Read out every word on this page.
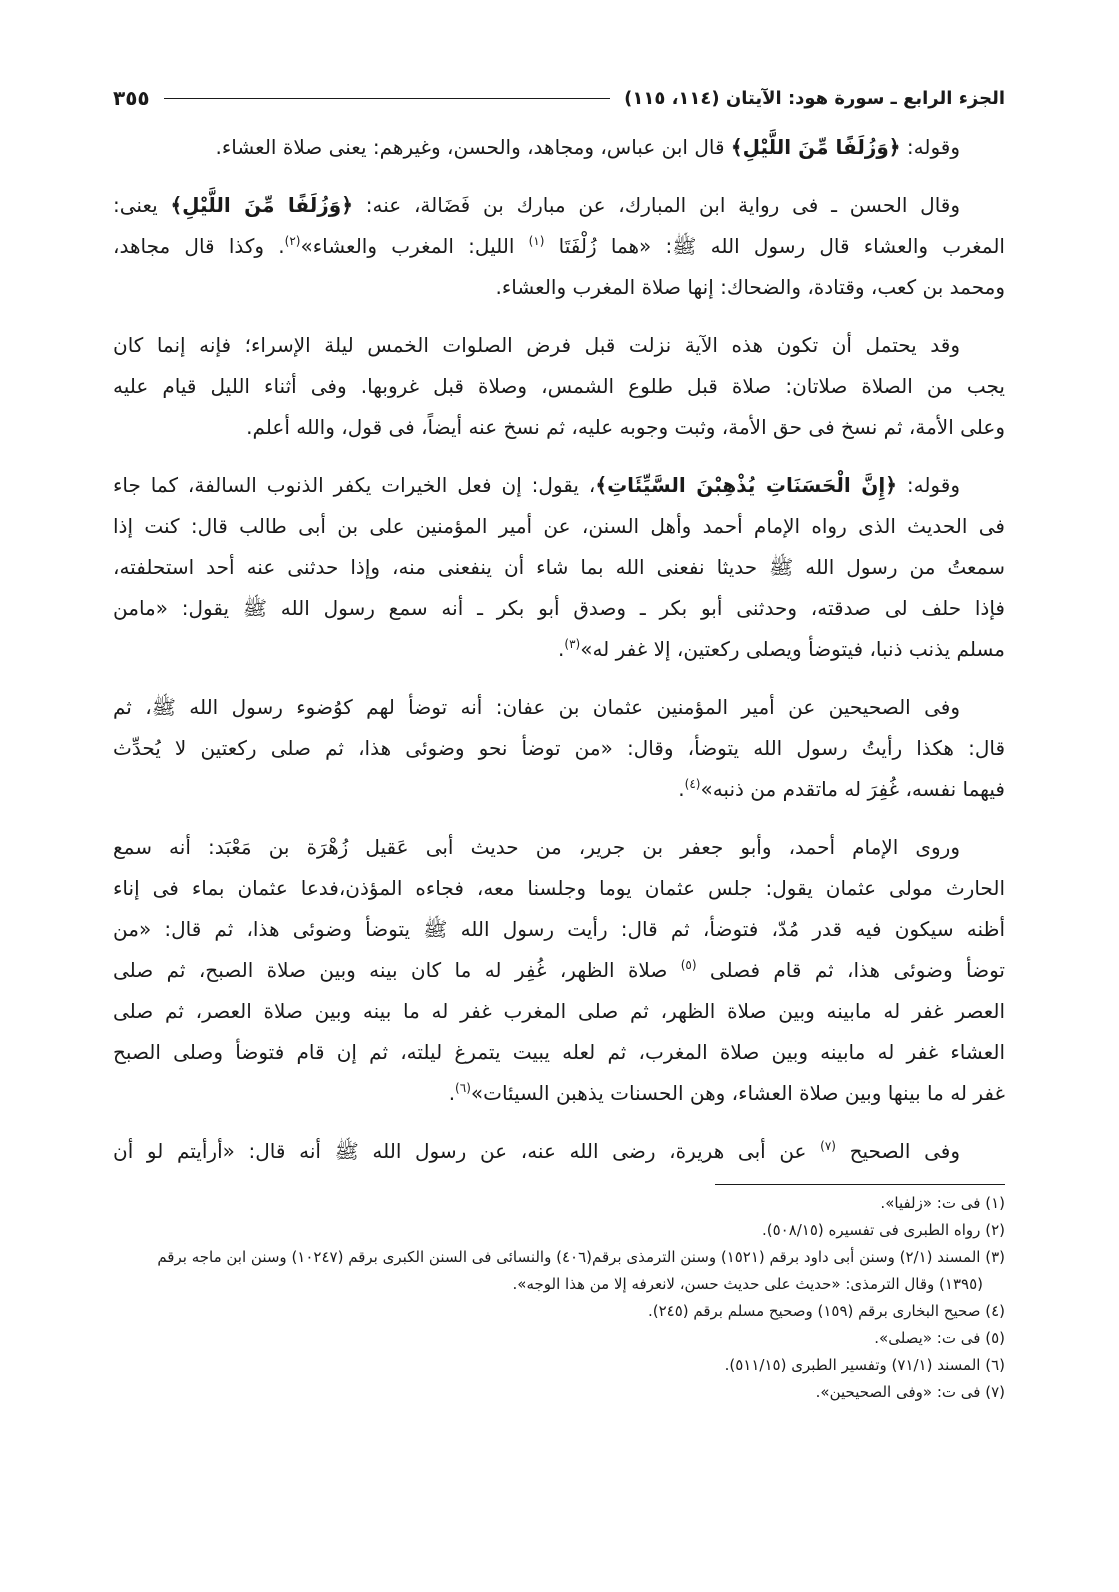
الجزء الرابع ـ سورة هود: الآيتان (١١٤، ١١٥)
٣٥٥
وقوله: ﴿وَزُلَفًا مِّنَ اللَّيْلِ﴾ قال ابن عباس، ومجاهد، والحسن، وغيرهم: يعنى صلاة العشاء.
وقال الحسن ـ فى رواية ابن المبارك، عن مبارك بن فَضَالة، عنه: ﴿وَزُلَفًا مِّنَ اللَّيْلِ﴾ يعنى:
المغرب والعشاء قال رسول الله ﷺ: «هما زُلْفَتَا $^{(١)}$ الليل: المغرب والعشاء»$^{(٢)}$. وكذا قال مجاهد،
ومحمد بن كعب، وقتادة، والضحاك: إنها صلاة المغرب والعشاء.
وقد يحتمل أن تكون هذه الآية نزلت قبل فرض الصلوات الخمس ليلة الإسراء؛ فإنه إنما كان
يجب من الصلاة صلاتان: صلاة قبل طلوع الشمس، وصلاة قبل غروبها. وفى أثناء الليل قيام عليه
وعلى الأمة، ثم نسخ فى حق الأمة، وثبت وجوبه عليه، ثم نسخ عنه أيضاً، فى قول، والله أعلم.
وقوله: ﴿إِنَّ الْحَسَنَاتِ يُذْهِبْنَ السَّيِّئَاتِ﴾، يقول: إن فعل الخيرات يكفر الذنوب السالفة، كما جاء
فى الحديث الذى رواه الإمام أحمد وأهل السنن، عن أمير المؤمنين على بن أبى طالب قال: كنت إذا
سمعتُ من رسول الله ﷺ حديثا نفعنى الله بما شاء أن ينفعنى منه، وإذا حدثنى عنه أحد استحلفته،
فإذا حلف لى صدقته، وحدثنى أبو بكر ـ وصدق أبو بكر ـ أنه سمع رسول الله ﷺ يقول: «مامن
مسلم يذنب ذنبا، فيتوضأ ويصلى ركعتين، إلا غفر له»$^{(٣)}$.
وفى الصحيحين عن أمير المؤمنين عثمان بن عفان: أنه توضأ لهم كوُضوء رسول الله ﷺ، ثم
قال: هكذا رأيتُ رسول الله يتوضأ، وقال: «من توضأ نحو وضوئى هذا، ثم صلى ركعتين لا يُحدِّث
فيهما نفسه، غُفِرَ له ماتقدم من ذنبه»$^{(٤)}$.
وروى الإمام أحمد، وأبو جعفر بن جرير، من حديث أبى عَقيل زُهْرَة بن مَعْبَد: أنه سمع
الحارث مولى عثمان يقول: جلس عثمان يوما وجلسنا معه، فجاءه المؤذن،فدعا عثمان بماء فى إناء
أظنه سيكون فيه قدر مُدّ، فتوضأ، ثم قال: رأيت رسول الله ﷺ يتوضأ وضوئى هذا، ثم قال: «من
توضأ وضوئى هذا، ثم قام فصلى $^{(٥)}$ صلاة الظهر، غُفِر له ما كان بينه وبين صلاة الصبح، ثم صلى
العصر غفر له مابينه وبين صلاة الظهر، ثم صلى المغرب غفر له ما بينه وبين صلاة العصر، ثم صلى
العشاء غفر له مابينه وبين صلاة المغرب، ثم لعله يبيت يتمرغ ليلته، ثم إن قام فتوضأ وصلى الصبح
غفر له ما بينها وبين صلاة العشاء، وهن الحسنات يذهبن السيئات»$^{(٦)}$.
وفى الصحيح $^{(٧)}$ عن أبى هريرة، رضى الله عنه، عن رسول الله ﷺ أنه قال: «أرأيتم لو أن
(١) فى ت: «زلفيا».
(٢) رواه الطبرى فى تفسيره (٥٠٨/١٥).
(٣) المسند (٢/١) وسنن أبى داود برقم (١٥٢١) وسنن الترمذى برقم(٤٠٦) والنسائى فى السنن الكبرى برقم (١٠٢٤٧) وسنن ابن ماجه برقم (١٣٩٥) وقال الترمذى: «حديث على حديث حسن، لانعرفه إلا من هذا الوجه».
(٤) صحيح البخارى برقم (١٥٩) وصحيح مسلم برقم (٢٤٥).
(٥) فى ت: «يصلى».
(٦) المسند (٧١/١) وتفسير الطبرى (٥١١/١٥).
(٧) فى ت: «وفى الصحيحين».
